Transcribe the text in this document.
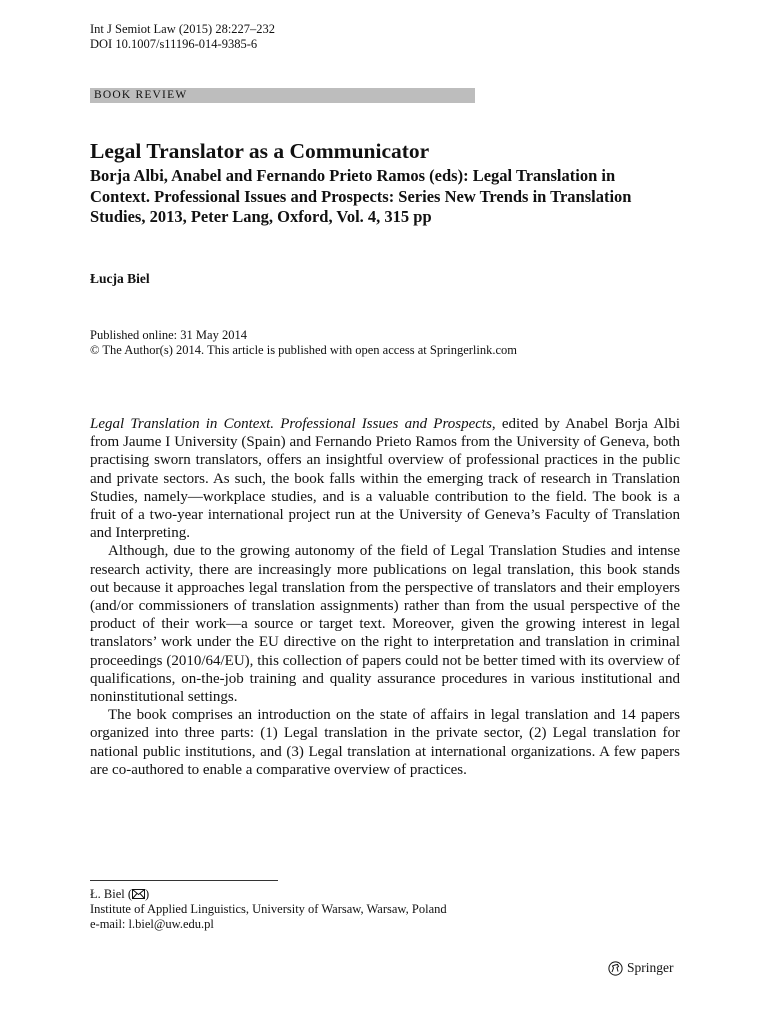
Int J Semiot Law (2015) 28:227–232
DOI 10.1007/s11196-014-9385-6
BOOK REVIEW
Legal Translator as a Communicator
Borja Albi, Anabel and Fernando Prieto Ramos (eds): Legal Translation in Context. Professional Issues and Prospects: Series New Trends in Translation Studies, 2013, Peter Lang, Oxford, Vol. 4, 315 pp
Łucja Biel
Published online: 31 May 2014
© The Author(s) 2014. This article is published with open access at Springerlink.com

Legal Translation in Context. Professional Issues and Prospects, edited by Anabel Borja Albi from Jaume I University (Spain) and Fernando Prieto Ramos from the University of Geneva, both practising sworn translators, offers an insightful overview of professional practices in the public and private sectors. As such, the book falls within the emerging track of research in Translation Studies, namely—workplace studies, and is a valuable contribution to the field. The book is a fruit of a two-year international project run at the University of Geneva’s Faculty of Translation and Interpreting.

Although, due to the growing autonomy of the field of Legal Translation Studies and intense research activity, there are increasingly more publications on legal translation, this book stands out because it approaches legal translation from the perspective of translators and their employers (and/or commissioners of translation assignments) rather than from the usual perspective of the product of their work—a source or target text. Moreover, given the growing interest in legal translators’ work under the EU directive on the right to interpretation and translation in criminal proceedings (2010/64/EU), this collection of papers could not be better timed with its overview of qualifications, on-the-job training and quality assurance procedures in various institutional and noninstitutional settings.

The book comprises an introduction on the state of affairs in legal translation and 14 papers organized into three parts: (1) Legal translation in the private sector, (2) Legal translation for national public institutions, and (3) Legal translation at international organizations. A few papers are co-authored to enable a comparative overview of practices.

Ł. Biel ( )
Institute of Applied Linguistics, University of Warsaw, Warsaw, Poland
e-mail: l.biel@uw.edu.pl
Springer
